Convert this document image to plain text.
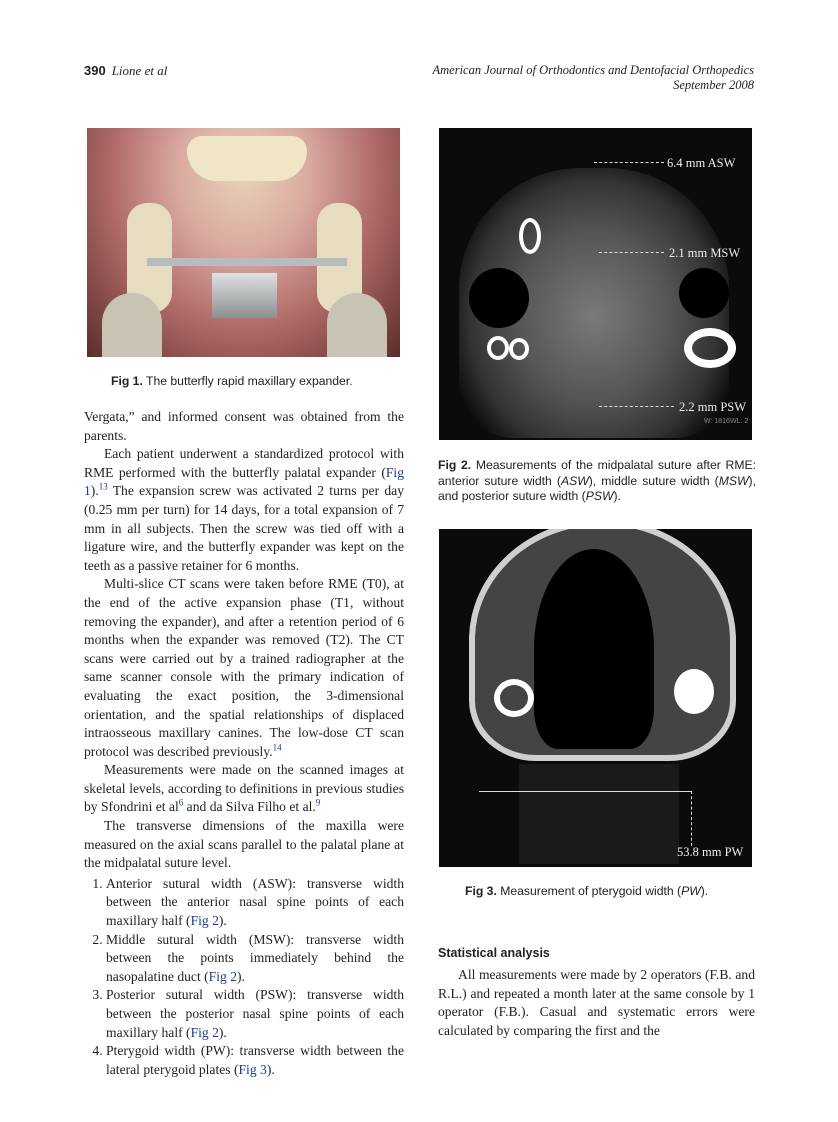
390 Lione et al	American Journal of Orthodontics and Dentofacial Orthopedics
September 2008
Fig 1. The butterfly rapid maxillary expander.
6.4 mm ASW
2.1 mm MSW
2.2 mm PSW
W: 1816WL: 2
Fig 2. Measurements of the midpalatal suture after RME: anterior suture width (ASW), middle suture width (MSW), and posterior suture width (PSW).
53.8 mm PW
Fig 3. Measurement of pterygoid width (PW).

Vergata,” and informed consent was obtained from the parents.

Each patient underwent a standardized protocol with RME performed with the butterfly palatal expander (Fig 1).$^{13}$ The expansion screw was activated 2 turns per day (0.25 mm per turn) for 14 days, for a total expansion of 7 mm in all subjects. Then the screw was tied off with a ligature wire, and the butterfly expander was kept on the teeth as a passive retainer for 6 months.

Multi-slice CT scans were taken before RME (T0), at the end of the active expansion phase (T1, without removing the expander), and after a retention period of 6 months when the expander was removed (T2). The CT scans were carried out by a trained radiographer at the same scanner console with the primary indication of evaluating the exact position, the 3-dimensional orientation, and the spatial relationships of displaced intraosseous maxillary canines. The low-dose CT scan protocol was described previously.$^{14}$

Measurements were made on the scanned images at skeletal levels, according to definitions in previous studies by Sfondrini et $al^6$ and da Silva Filho et al.$^9$

The transverse dimensions of the maxilla were measured on the axial scans parallel to the palatal plane at the midpalatal suture level.

1. Anterior sutural width (ASW): transverse width between the anterior nasal spine points of each maxillary half (Fig 2).
2. Middle sutural width (MSW): transverse width between the points immediately behind the nasopalatine duct (Fig 2).
3. Posterior sutural width (PSW): transverse width between the posterior nasal spine points of each maxillary half (Fig 2).
4. Pterygoid width (PW): transverse width between the lateral pterygoid plates (Fig 3).
Statistical analysis

All measurements were made by 2 operators (F.B. and R.L.) and repeated a month later at the same console by 1 operator (F.B.). Casual and systematic errors were calculated by comparing the first and the
